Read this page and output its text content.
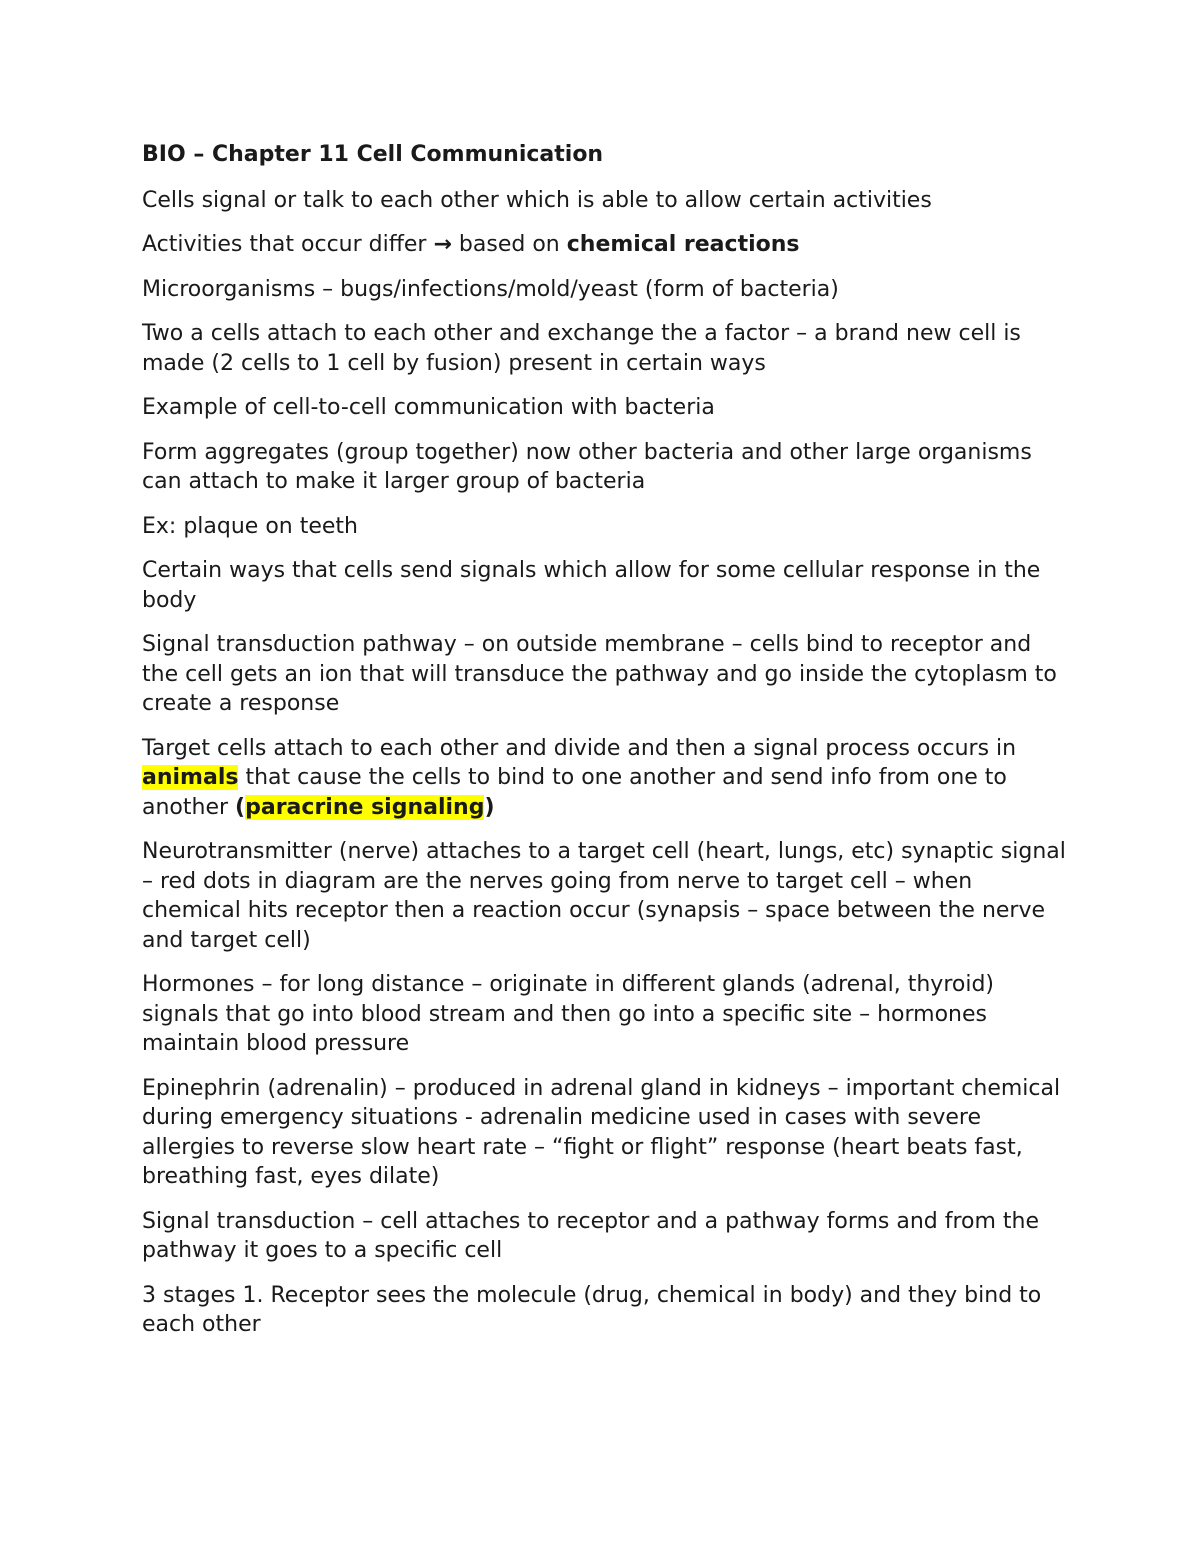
BIO – Chapter 11 Cell Communication

Cells signal or talk to each other which is able to allow certain activities

Activities that occur differ → based on chemical reactions

Microorganisms – bugs/infections/mold/yeast (form of bacteria)

Two a cells attach to each other and exchange the a factor – a brand new cell is made (2 cells to 1 cell by fusion) present in certain ways

Example of cell-to-cell communication with bacteria

Form aggregates (group together) now other bacteria and other large organisms can attach to make it larger group of bacteria

Ex: plaque on teeth

Certain ways that cells send signals which allow for some cellular response in the body

Signal transduction pathway – on outside membrane – cells bind to receptor and the cell gets an ion that will transduce the pathway and go inside the cytoplasm to create a response

Target cells attach to each other and divide and then a signal process occurs in animals that cause the cells to bind to one another and send info from one to another (paracrine signaling)

Neurotransmitter (nerve) attaches to a target cell (heart, lungs, etc) synaptic signal – red dots in diagram are the nerves going from nerve to target cell – when chemical hits receptor then a reaction occur (synapsis – space between the nerve and target cell)

Hormones – for long distance – originate in different glands (adrenal, thyroid) signals that go into blood stream and then go into a specific site – hormones maintain blood pressure

Epinephrin (adrenalin) – produced in adrenal gland in kidneys – important chemical during emergency situations - adrenalin medicine used in cases with severe allergies to reverse slow heart rate – “fight or flight” response (heart beats fast, breathing fast, eyes dilate)

Signal transduction – cell attaches to receptor and a pathway forms and from the pathway it goes to a specific cell

3 stages 1. Receptor sees the molecule (drug, chemical in body) and they bind to each other
